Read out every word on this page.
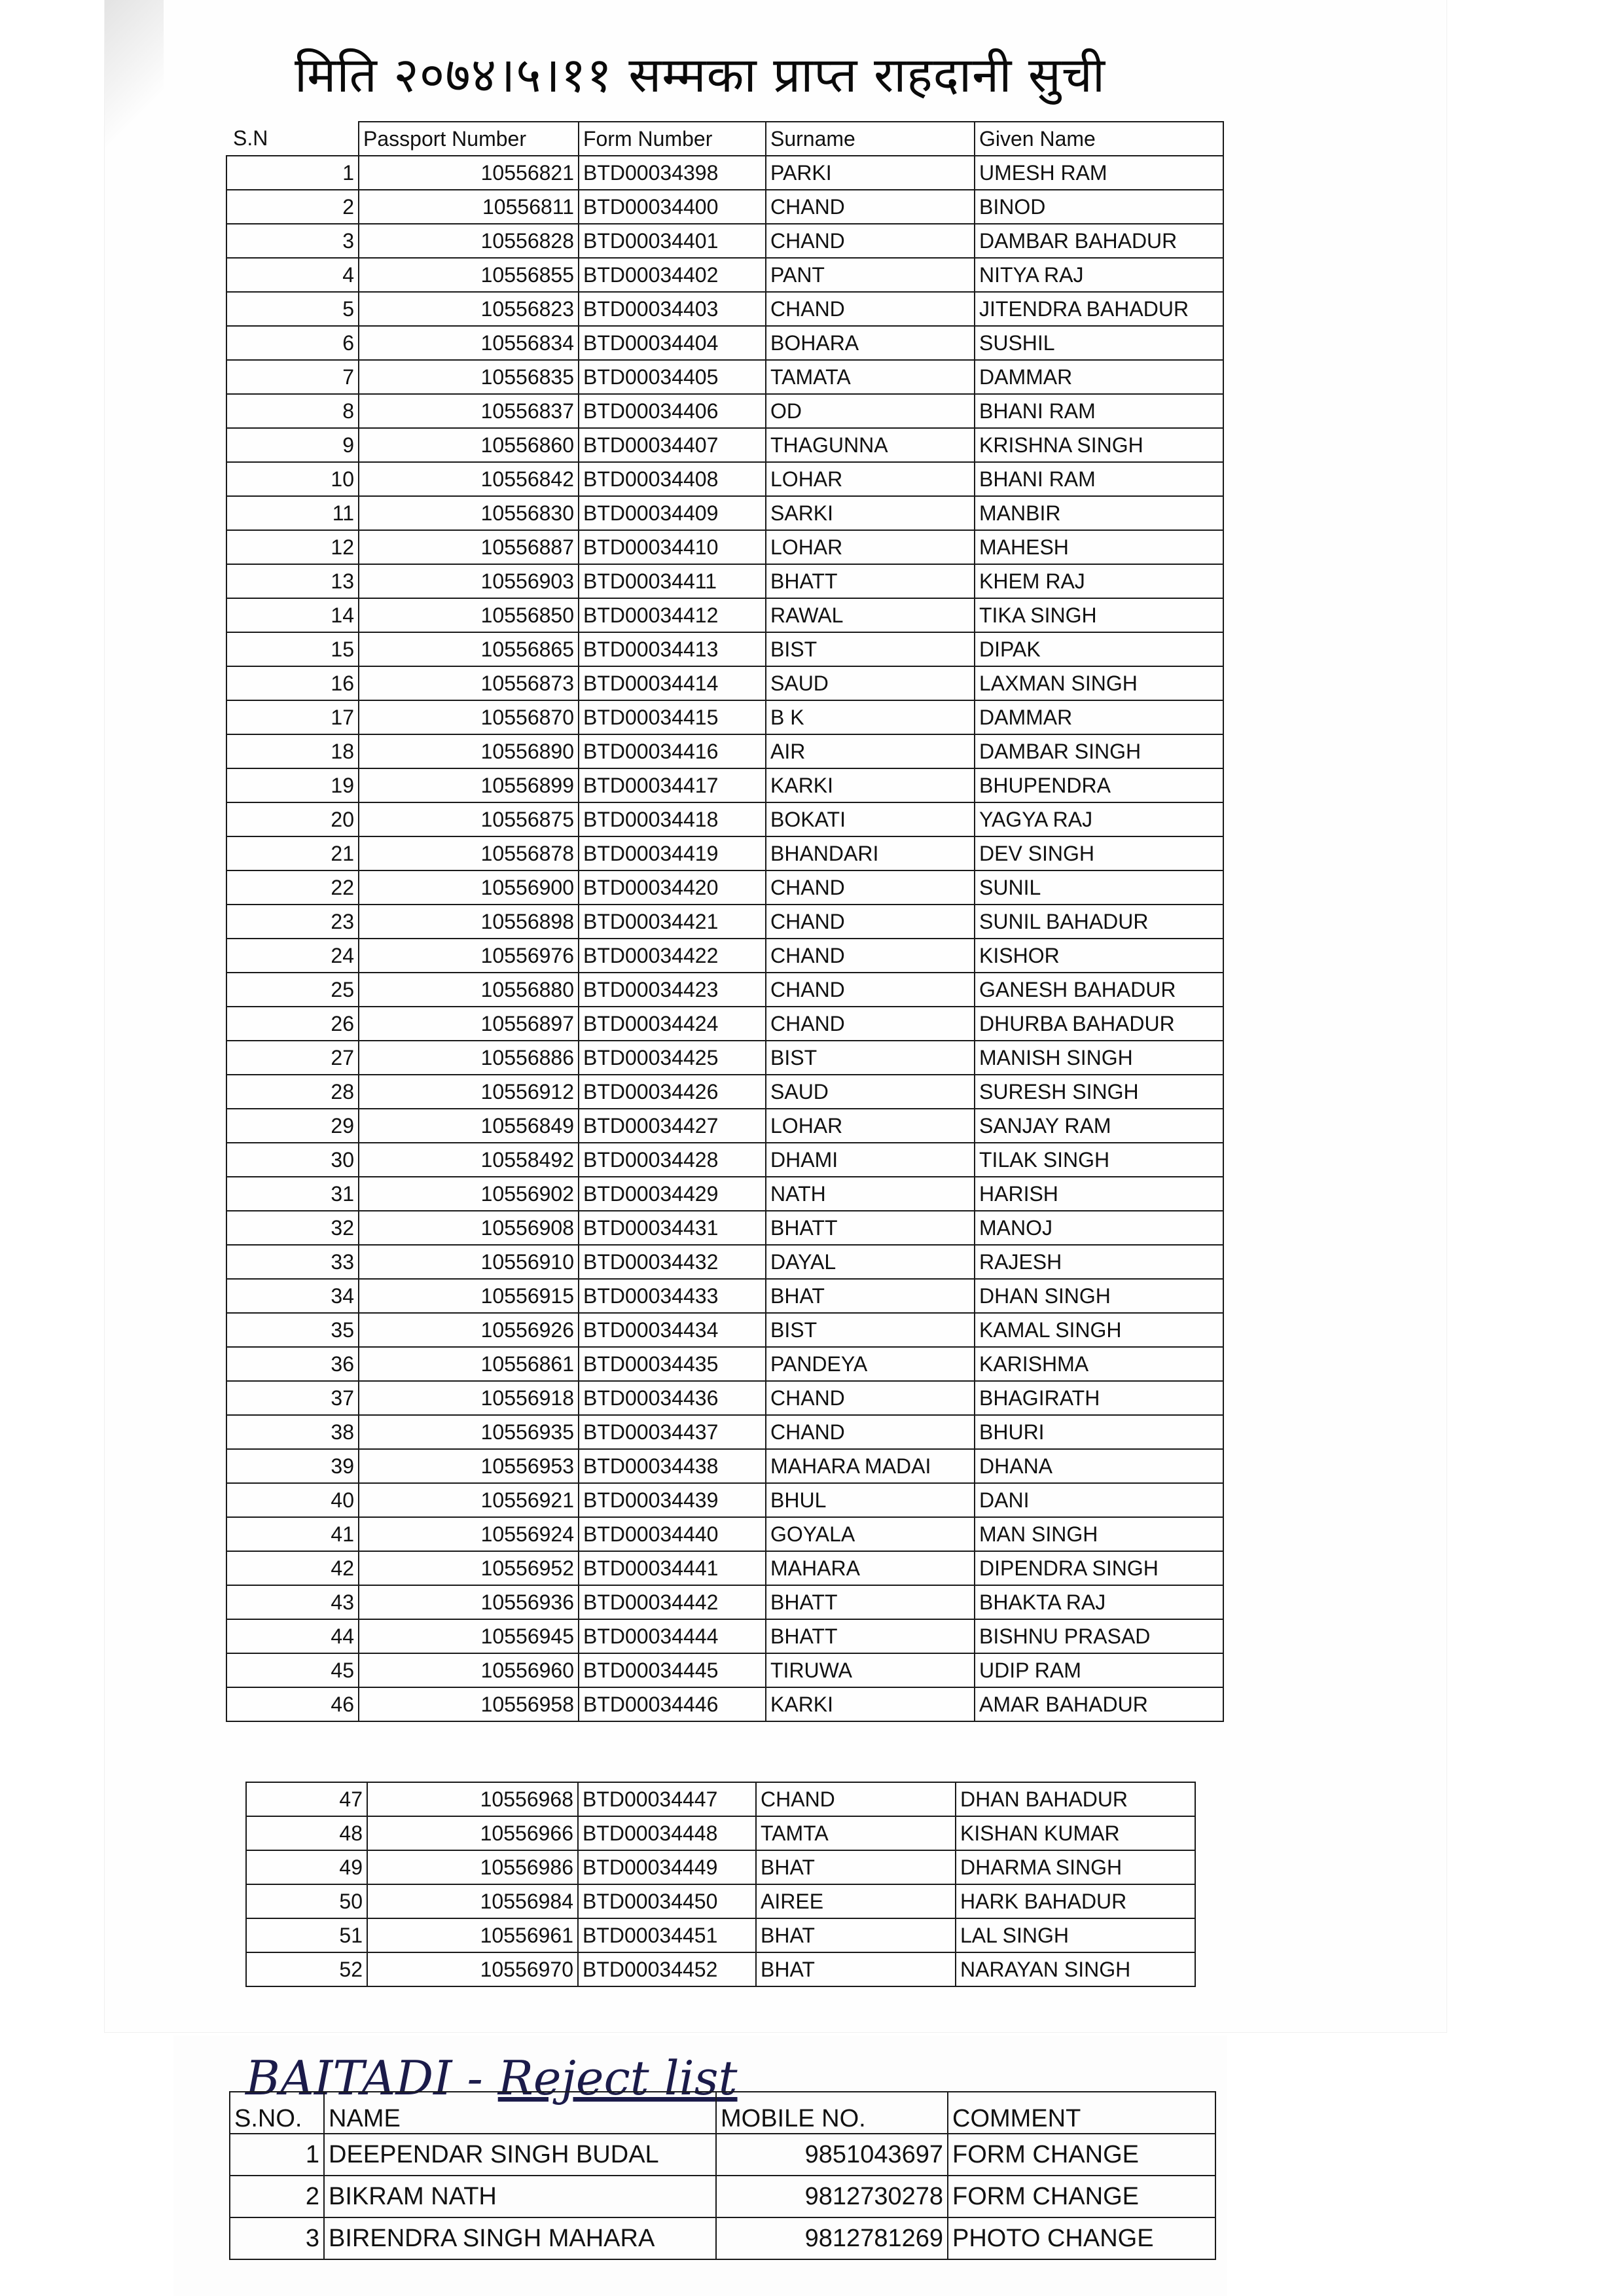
मिति २०७४।५।११ सम्मका प्राप्त राहदानी सुची
S.N	Passport Number	Form Number	Surname	Given Name
1	10556821	BTD00034398	PARKI	UMESH RAM
2	10556811	BTD00034400	CHAND	BINOD
3	10556828	BTD00034401	CHAND	DAMBAR BAHADUR
4	10556855	BTD00034402	PANT	NITYA RAJ
5	10556823	BTD00034403	CHAND	JITENDRA BAHADUR
6	10556834	BTD00034404	BOHARA	SUSHIL
7	10556835	BTD00034405	TAMATA	DAMMAR
8	10556837	BTD00034406	OD	BHANI RAM
9	10556860	BTD00034407	THAGUNNA	KRISHNA SINGH
10	10556842	BTD00034408	LOHAR	BHANI RAM
11	10556830	BTD00034409	SARKI	MANBIR
12	10556887	BTD00034410	LOHAR	MAHESH
13	10556903	BTD00034411	BHATT	KHEM RAJ
14	10556850	BTD00034412	RAWAL	TIKA SINGH
15	10556865	BTD00034413	BIST	DIPAK
16	10556873	BTD00034414	SAUD	LAXMAN SINGH
17	10556870	BTD00034415	B K	DAMMAR
18	10556890	BTD00034416	AIR	DAMBAR SINGH
19	10556899	BTD00034417	KARKI	BHUPENDRA
20	10556875	BTD00034418	BOKATI	YAGYA RAJ
21	10556878	BTD00034419	BHANDARI	DEV SINGH
22	10556900	BTD00034420	CHAND	SUNIL
23	10556898	BTD00034421	CHAND	SUNIL BAHADUR
24	10556976	BTD00034422	CHAND	KISHOR
25	10556880	BTD00034423	CHAND	GANESH BAHADUR
26	10556897	BTD00034424	CHAND	DHURBA BAHADUR
27	10556886	BTD00034425	BIST	MANISH SINGH
28	10556912	BTD00034426	SAUD	SURESH SINGH
29	10556849	BTD00034427	LOHAR	SANJAY RAM
30	10558492	BTD00034428	DHAMI	TILAK SINGH
31	10556902	BTD00034429	NATH	HARISH
32	10556908	BTD00034431	BHATT	MANOJ
33	10556910	BTD00034432	DAYAL	RAJESH
34	10556915	BTD00034433	BHAT	DHAN SINGH
35	10556926	BTD00034434	BIST	KAMAL SINGH
36	10556861	BTD00034435	PANDEYA	KARISHMA
37	10556918	BTD00034436	CHAND	BHAGIRATH
38	10556935	BTD00034437	CHAND	BHURI
39	10556953	BTD00034438	MAHARA MADAI	DHANA
40	10556921	BTD00034439	BHUL	DANI
41	10556924	BTD00034440	GOYALA	MAN SINGH
42	10556952	BTD00034441	MAHARA	DIPENDRA SINGH
43	10556936	BTD00034442	BHATT	BHAKTA RAJ
44	10556945	BTD00034444	BHATT	BISHNU PRASAD
45	10556960	BTD00034445	TIRUWA	UDIP RAM
46	10556958	BTD00034446	KARKI	AMAR BAHADUR
47	10556968	BTD00034447	CHAND	DHAN BAHADUR
48	10556966	BTD00034448	TAMTA	KISHAN KUMAR
49	10556986	BTD00034449	BHAT	DHARMA SINGH
50	10556984	BTD00034450	AIREE	HARK BAHADUR
51	10556961	BTD00034451	BHAT	LAL SINGH
52	10556970	BTD00034452	BHAT	NARAYAN SINGH
BAITADI - Reject list
S.NO.	NAME	MOBILE NO.	COMMENT
1	DEEPENDAR SINGH BUDAL	9851043697	FORM CHANGE
2	BIKRAM NATH	9812730278	FORM CHANGE
3	BIRENDRA SINGH MAHARA	9812781269	PHOTO CHANGE
